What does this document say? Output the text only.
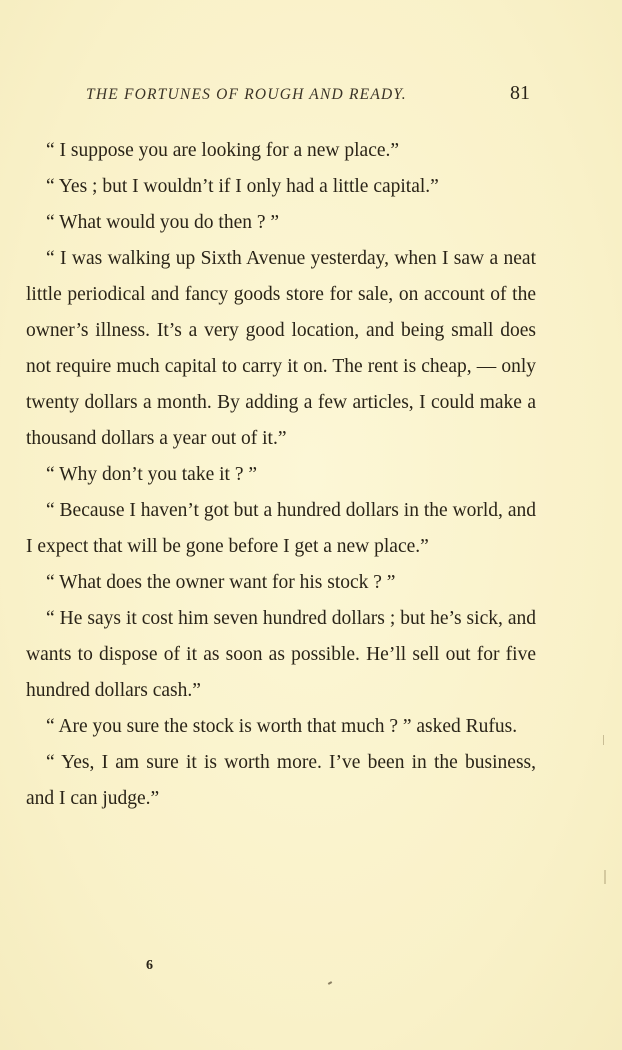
THE FORTUNES OF ROUGH AND READY.	81

“ I suppose you are looking for a new place.”

“ Yes ; but I wouldn’t if I only had a little capital.”

“ What would you do then ? ”

“ I was walking up Sixth Avenue yesterday, when I saw a neat little periodical and fancy goods store for sale, on account of the owner’s illness. It’s a very good location, and being small does not require much capital to carry it on. The rent is cheap, — only twenty dollars a month. By adding a few articles, I could make a thousand dollars a year out of it.”

“ Why don’t you take it ? ”

“ Because I haven’t got but a hundred dollars in the world, and I expect that will be gone before I get a new place.”

“ What does the owner want for his stock ? ”

“ He says it cost him seven hundred dollars ; but he’s sick, and wants to dispose of it as soon as possible. He’ll sell out for five hundred dollars cash.”

“ Are you sure the stock is worth that much ? ” asked Rufus.

“ Yes, I am sure it is worth more. I’ve been in the business, and I can judge.”

6
